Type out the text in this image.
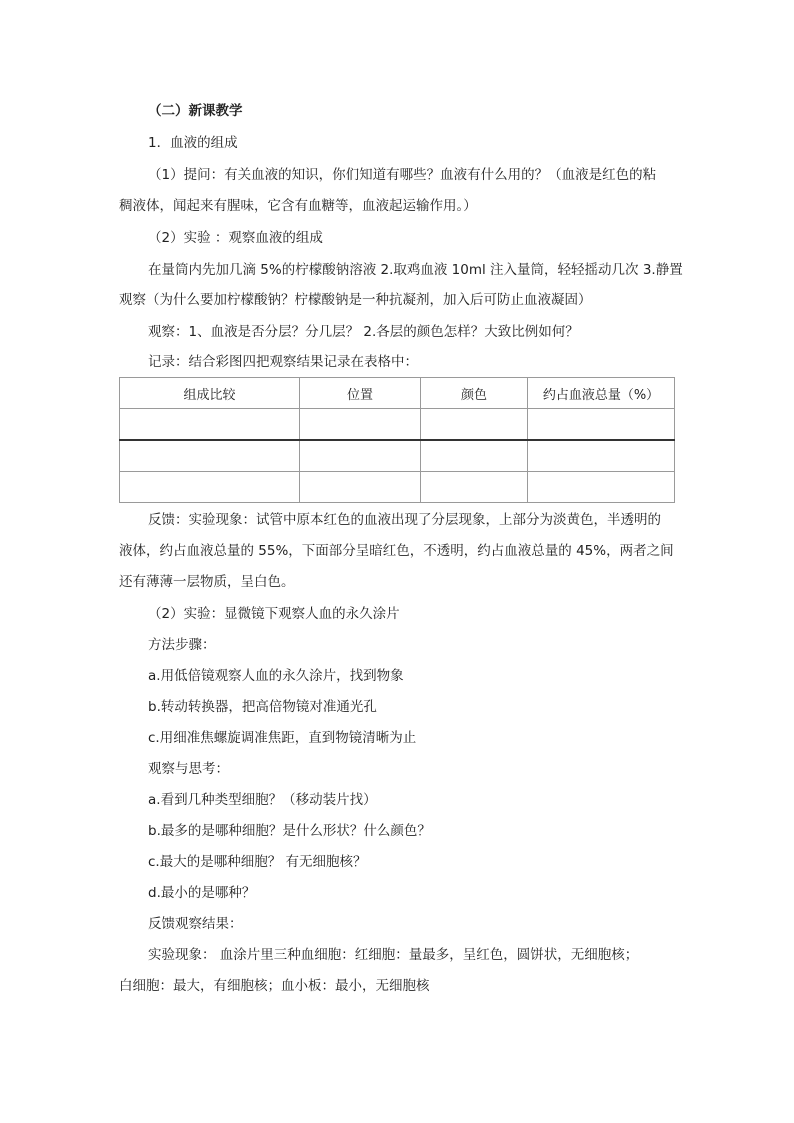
（二）新课教学
1．血液的组成
（1）提问：有关血液的知识，你们知道有哪些？血液有什么用的？（血液是红色的粘
稠液体，闻起来有腥味，它含有血糖等，血液起运输作用。）
（2）实验 ：观察血液的组成
在量筒内先加几滴 5%的柠檬酸钠溶液 2.取鸡血液 10ml 注入量筒，轻轻摇动几次 3.静置
观察（为什么要加柠檬酸钠？柠檬酸钠是一种抗凝剂，加入后可防止血液凝固）
观察：1、血液是否分层？分几层？ 2.各层的颜色怎样？大致比例如何？
记录：结合彩图四把观察结果记录在表格中：
组成比较	位置	颜色	约占血液总量（%）

反馈：实验现象：试管中原本红色的血液出现了分层现象，上部分为淡黄色，半透明的
液体，约占血液总量的 55%，下面部分呈暗红色，不透明，约占血液总量的 45%，两者之间
还有薄薄一层物质，呈白色。
（2）实验：显微镜下观察人血的永久涂片
方法步骤：
a.用低倍镜观察人血的永久涂片，找到物象
b.转动转换器，把高倍物镜对准通光孔
c.用细准焦螺旋调准焦距，直到物镜清晰为止
观察与思考：
a.看到几种类型细胞？（移动装片找）
b.最多的是哪种细胞？是什么形状？什么颜色？
c.最大的是哪种细胞？ 有无细胞核？
d.最小的是哪种？
反馈观察结果：
实验现象： 血涂片里三种血细胞：红细胞：量最多，呈红色，圆饼状，无细胞核；
白细胞：最大，有细胞核；血小板：最小，无细胞核
